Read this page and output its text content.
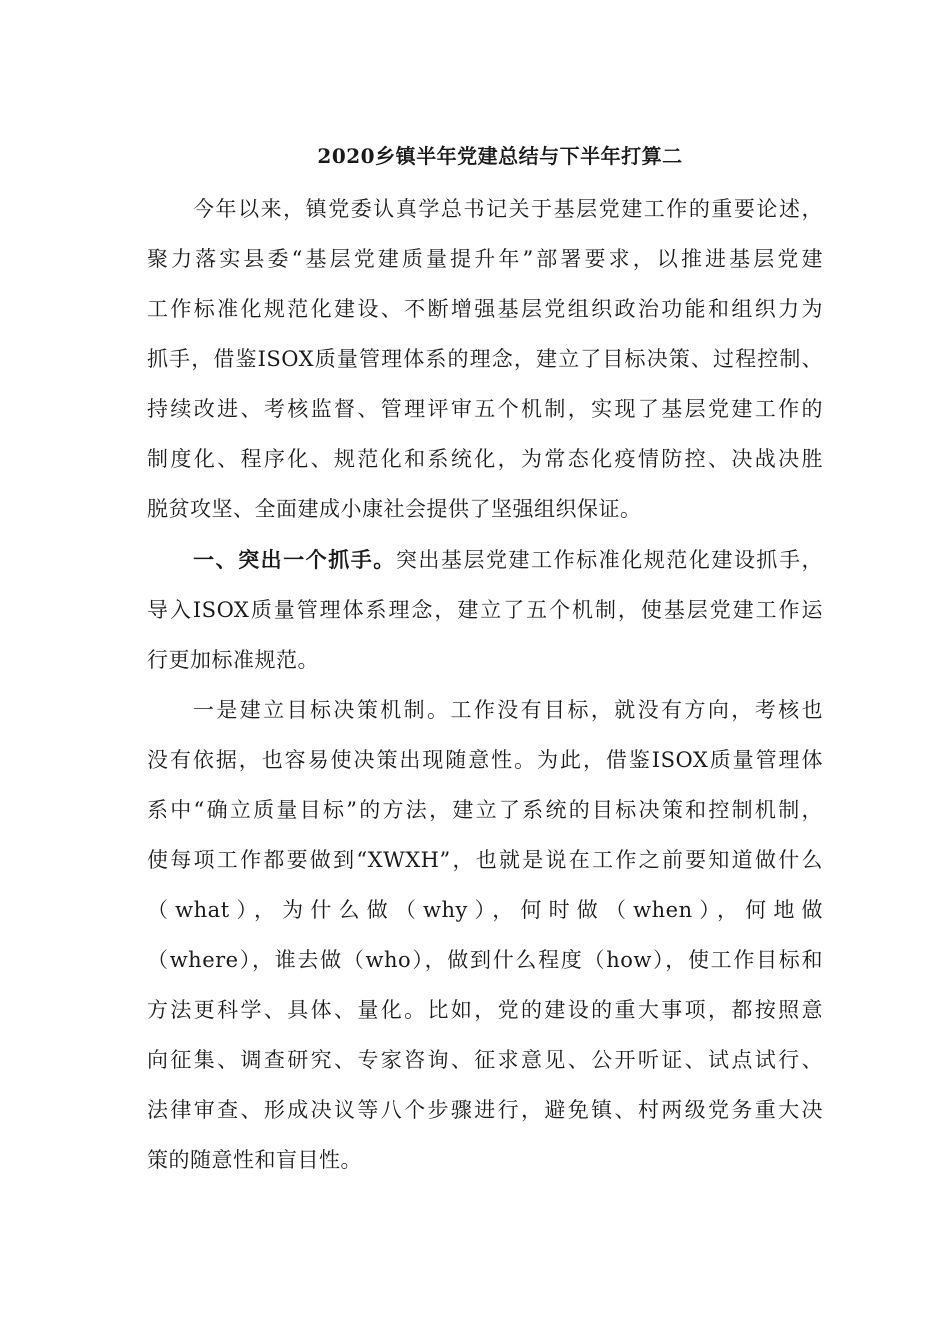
2020乡镇半年党建总结与下半年打算二
今年以来，镇党委认真学总书记关于基层党建工作的重要论述，
聚力落实县委“基层党建质量提升年”部署要求，以推进基层党建
工作标准化规范化建设、不断增强基层党组织政治功能和组织力为
抓手，借鉴ISOX质量管理体系的理念，建立了目标决策、过程控制、
持续改进、考核监督、管理评审五个机制，实现了基层党建工作的
制度化、程序化、规范化和系统化，为常态化疫情防控、决战决胜
脱贫攻坚、全面建成小康社会提供了坚强组织保证。
一、突出一个抓手。突出基层党建工作标准化规范化建设抓手，
导入ISOX质量管理体系理念，建立了五个机制，使基层党建工作运
行更加标准规范。
一是建立目标决策机制。工作没有目标，就没有方向，考核也
没有依据，也容易使决策出现随意性。为此，借鉴ISOX质量管理体
系中“确立质量目标”的方法，建立了系统的目标决策和控制机制，
使每项工作都要做到“XWXH”，也就是说在工作之前要知道做什么
（what），为什么做（why），何时做（when），何地做
（where），谁去做（who），做到什么程度（how），使工作目标和
方法更科学、具体、量化。比如，党的建设的重大事项，都按照意
向征集、调查研究、专家咨询、征求意见、公开听证、试点试行、
法律审查、形成决议等八个步骤进行，避免镇、村两级党务重大决
策的随意性和盲目性。
